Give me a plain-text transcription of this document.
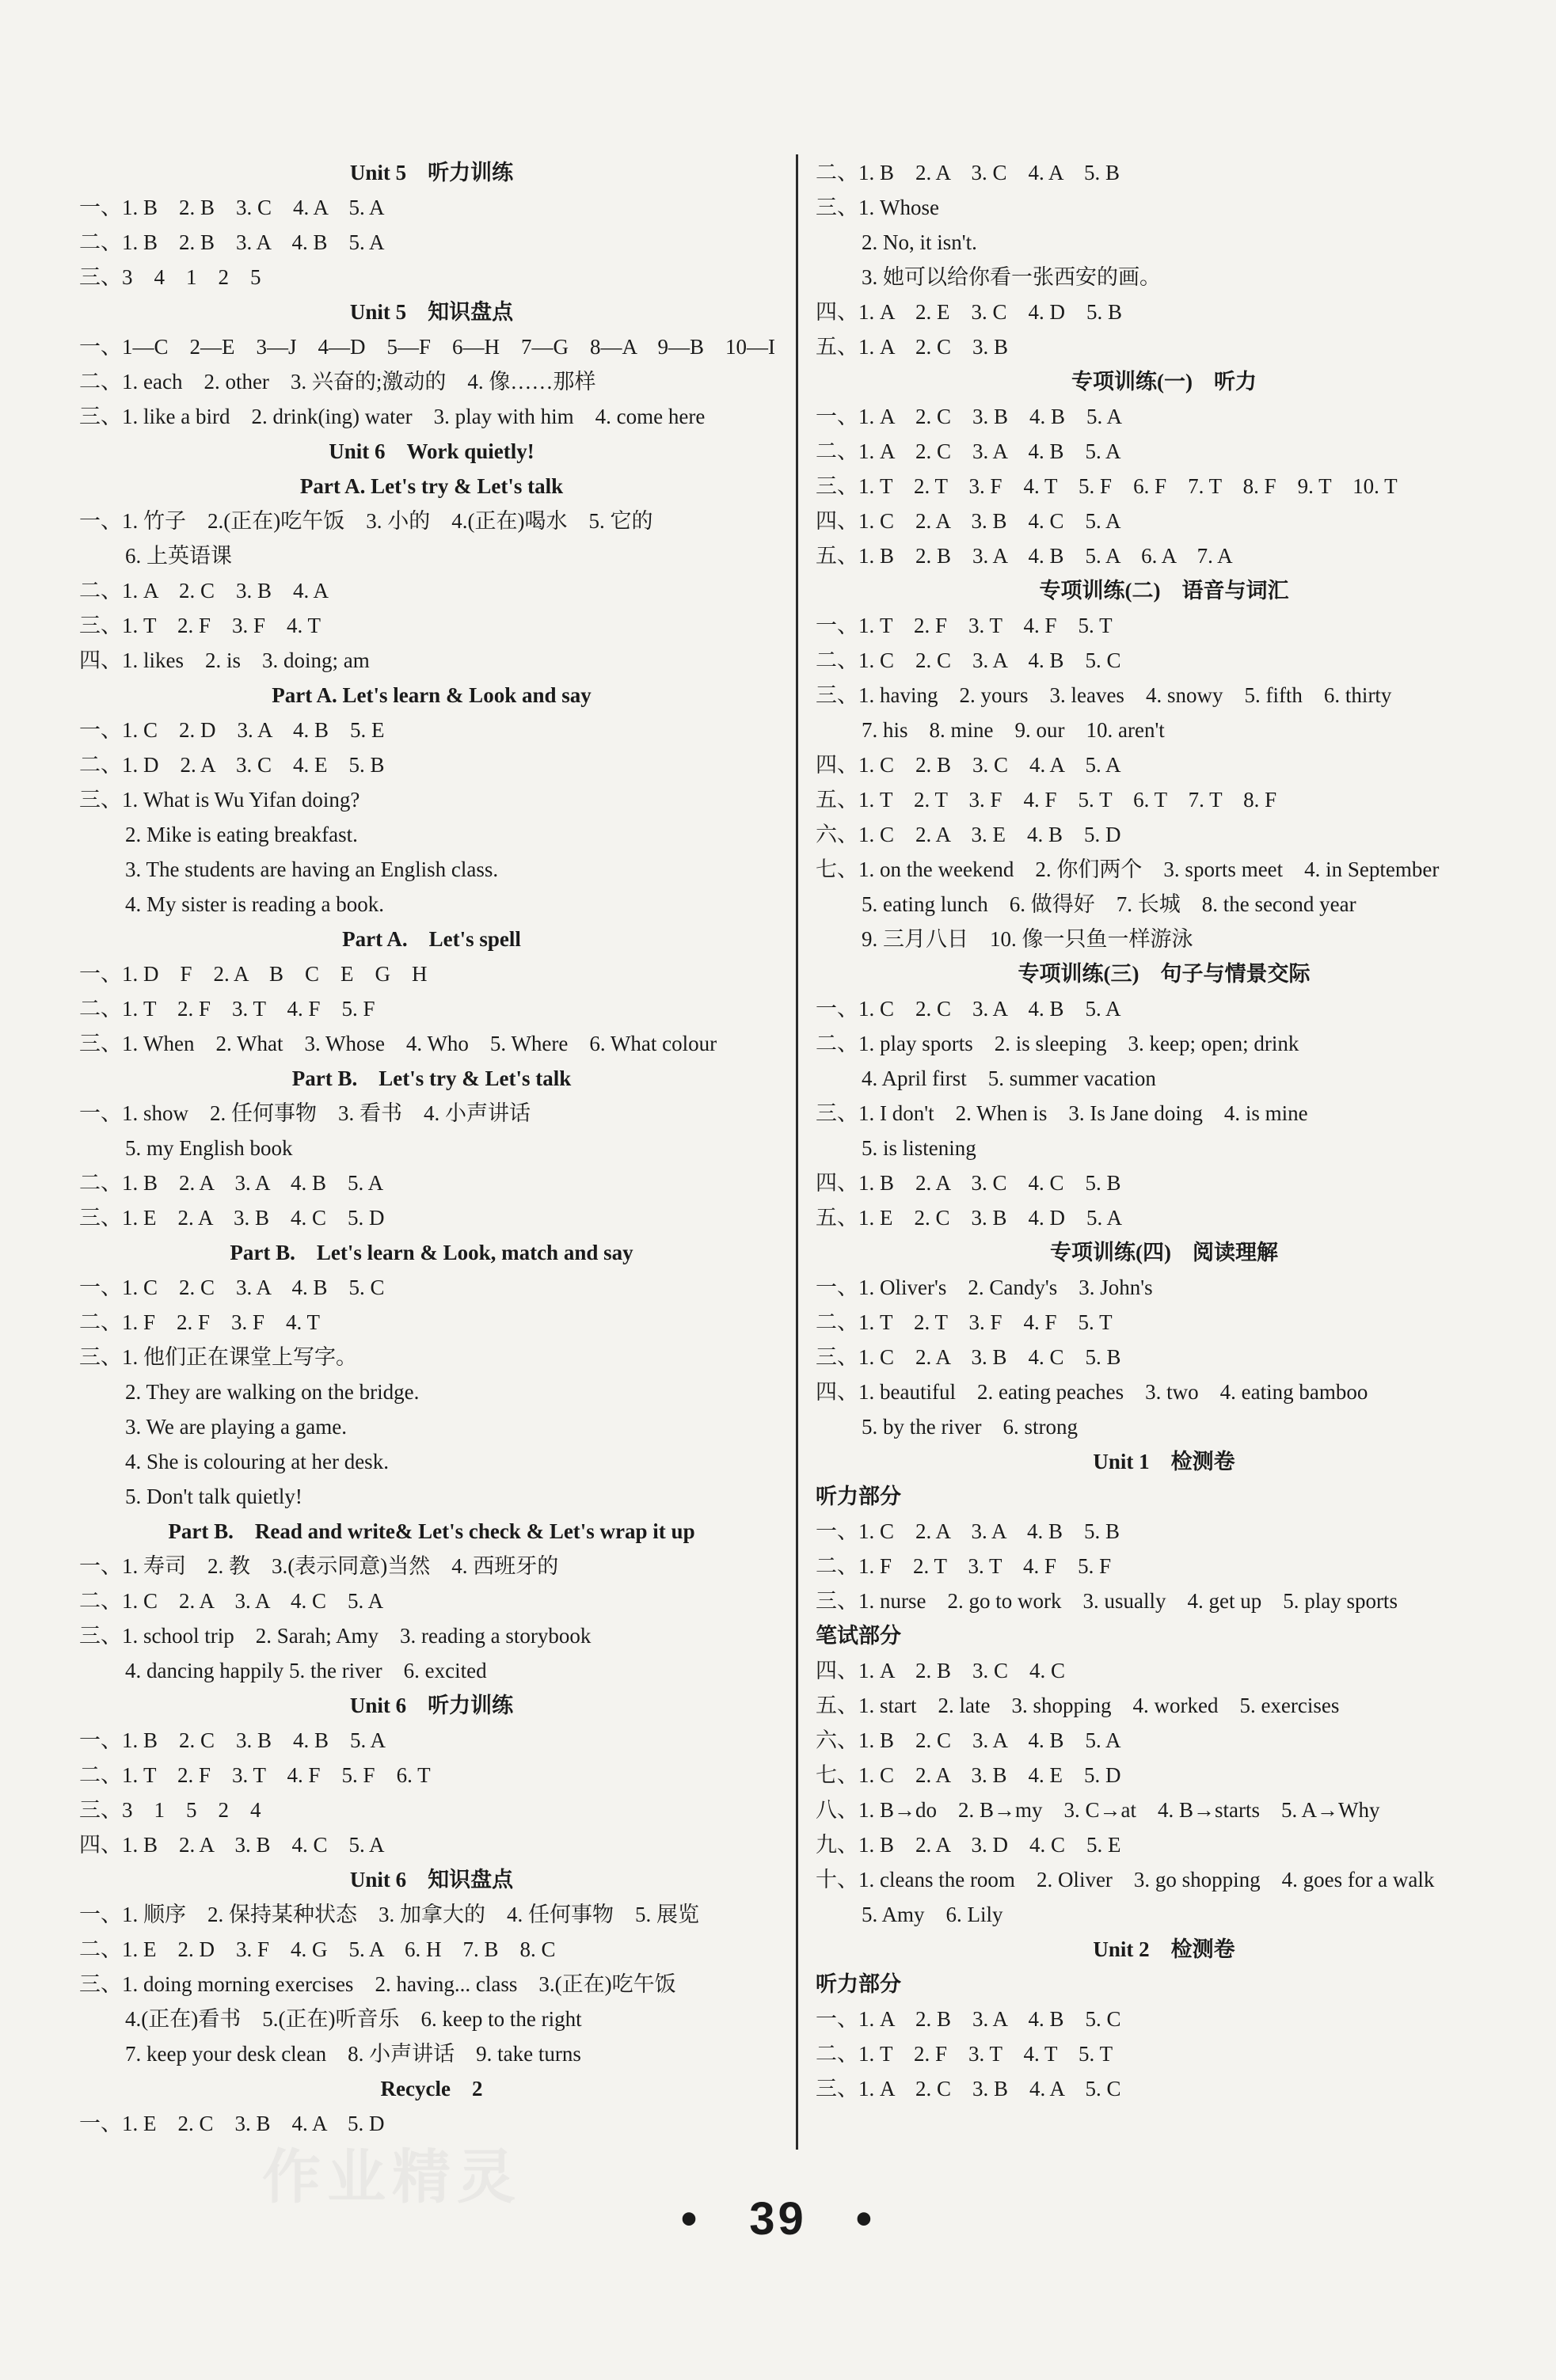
Unit 5　听力训练
一、1. B　2. B　3. C　4. A　5. A
二、1. B　2. B　3. A　4. B　5. A
三、3　4　1　2　5
Unit 5　知识盘点
一、1—C　2—E　3—J　4—D　5—F　6—H　7—G　8—A　9—B　10—I
二、1. each　2. other　3. 兴奋的;激动的　4. 像……那样
三、1. like a bird　2. drink(ing) water　3. play with him　4. come here
Unit 6　Work quietly!
Part A. Let's try & Let's talk
一、1. 竹子　2.(正在)吃午饭　3. 小的　4.(正在)喝水　5. 它的
6. 上英语课
二、1. A　2. C　3. B　4. A
三、1. T　2. F　3. F　4. T
四、1. likes　2. is　3. doing; am
Part A. Let's learn & Look and say
一、1. C　2. D　3. A　4. B　5. E
二、1. D　2. A　3. C　4. E　5. B
三、1. What is Wu Yifan doing?
2. Mike is eating breakfast.
3. The students are having an English class.
4. My sister is reading a book.
Part A.　Let's spell
一、1. D　F　2. A　B　C　E　G　H
二、1. T　2. F　3. T　4. F　5. F
三、1. When　2. What　3. Whose　4. Who　5. Where　6. What colour
Part B.　Let's try & Let's talk
一、1. show　2. 任何事物　3. 看书　4. 小声讲话
5. my English book
二、1. B　2. A　3. A　4. B　5. A
三、1. E　2. A　3. B　4. C　5. D
Part B.　Let's learn & Look, match and say
一、1. C　2. C　3. A　4. B　5. C
二、1. F　2. F　3. F　4. T
三、1. 他们正在课堂上写字。
2. They are walking on the bridge.
3. We are playing a game.
4. She is colouring at her desk.
5. Don't talk quietly!
Part B.　Read and write& Let's check & Let's wrap it up
一、1. 寿司　2. 教　3.(表示同意)当然　4. 西班牙的
二、1. C　2. A　3. A　4. C　5. A
三、1. school trip　2. Sarah; Amy　3. reading a storybook
4. dancing happily 5. the river　6. excited
Unit 6　听力训练
一、1. B　2. C　3. B　4. B　5. A
二、1. T　2. F　3. T　4. F　5. F　6. T
三、3　1　5　2　4
四、1. B　2. A　3. B　4. C　5. A
Unit 6　知识盘点
一、1. 顺序　2. 保持某种状态　3. 加拿大的　4. 任何事物　5. 展览
二、1. E　2. D　3. F　4. G　5. A　6. H　7. B　8. C
三、1. doing morning exercises　2. having... class　3.(正在)吃午饭
4.(正在)看书　5.(正在)听音乐　6. keep to the right
7. keep your desk clean　8. 小声讲话　9. take turns
Recycle　2
一、1. E　2. C　3. B　4. A　5. D
二、1. B　2. A　3. C　4. A　5. B
三、1. Whose
2. No, it isn't.
3. 她可以给你看一张西安的画。
四、1. A　2. E　3. C　4. D　5. B
五、1. A　2. C　3. B
专项训练(一)　听力
一、1. A　2. C　3. B　4. B　5. A
二、1. A　2. C　3. A　4. B　5. A
三、1. T　2. T　3. F　4. T　5. F　6. F　7. T　8. F　9. T　10. T
四、1. C　2. A　3. B　4. C　5. A
五、1. B　2. B　3. A　4. B　5. A　6. A　7. A
专项训练(二)　语音与词汇
一、1. T　2. F　3. T　4. F　5. T
二、1. C　2. C　3. A　4. B　5. C
三、1. having　2. yours　3. leaves　4. snowy　5. fifth　6. thirty
7. his　8. mine　9. our　10. aren't
四、1. C　2. B　3. C　4. A　5. A
五、1. T　2. T　3. F　4. F　5. T　6. T　7. T　8. F
六、1. C　2. A　3. E　4. B　5. D
七、1. on the weekend　2. 你们两个　3. sports meet　4. in September
5. eating lunch　6. 做得好　7. 长城　8. the second year
9. 三月八日　10. 像一只鱼一样游泳
专项训练(三)　句子与情景交际
一、1. C　2. C　3. A　4. B　5. A
二、1. play sports　2. is sleeping　3. keep; open; drink
4. April first　5. summer vacation
三、1. I don't　2. When is　3. Is Jane doing　4. is mine
5. is listening
四、1. B　2. A　3. C　4. C　5. B
五、1. E　2. C　3. B　4. D　5. A
专项训练(四)　阅读理解
一、1. Oliver's　2. Candy's　3. John's
二、1. T　2. T　3. F　4. F　5. T
三、1. C　2. A　3. B　4. C　5. B
四、1. beautiful　2. eating peaches　3. two　4. eating bamboo
5. by the river　6. strong
Unit 1　检测卷
听力部分
一、1. C　2. A　3. A　4. B　5. B
二、1. F　2. T　3. T　4. F　5. F
三、1. nurse　2. go to work　3. usually　4. get up　5. play sports
笔试部分
四、1. A　2. B　3. C　4. C
五、1. start　2. late　3. shopping　4. worked　5. exercises
六、1. B　2. C　3. A　4. B　5. A
七、1. C　2. A　3. B　4. E　5. D
八、1. B→do　2. B→my　3. C→at　4. B→starts　5. A→Why
九、1. B　2. A　3. D　4. C　5. E
十、1. cleans the room　2. Oliver　3. go shopping　4. goes for a walk
5. Amy　6. Lily
Unit 2　检测卷
听力部分
一、1. A　2. B　3. A　4. B　5. C
二、1. T　2. F　3. T　4. T　5. T
三、1. A　2. C　3. B　4. A　5. C
作业精灵
•　39　•
